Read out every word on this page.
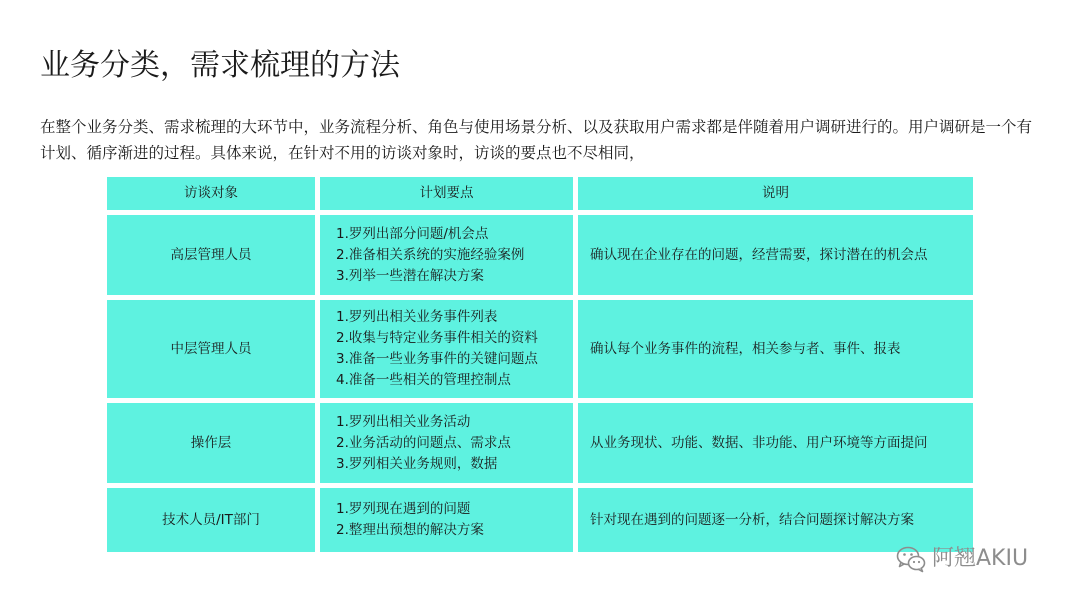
业务分类，需求梳理的方法

在整个业务分类、需求梳理的大环节中，业务流程分析、角色与使用场景分析、以及获取用户需求都是伴随着用户调研进行的。用户调研是一个有计划、循序渐进的过程。具体来说，在针对不用的访谈对象时，访谈的要点也不尽相同，

访谈对象	计划要点	说明
高层管理人员
1.罗列出部分问题/机会点
2.准备相关系统的实施经验案例
3.列举一些潜在解决方案
确认现在企业存在的问题，经营需要，探讨潜在的机会点
中层管理人员
1.罗列出相关业务事件列表
2.收集与特定业务事件相关的资料
3.准备一些业务事件的关键问题点
4.准备一些相关的管理控制点
确认每个业务事件的流程，相关参与者、事件、报表
操作层
1.罗列出相关业务活动
2.业务活动的问题点、需求点
3.罗列相关业务规则，数据
从业务现状、功能、数据、非功能、用户环境等方面提问
技术人员/IT部门
1.罗列现在遇到的问题
2.整理出预想的解决方案
针对现在遇到的问题逐一分析，结合问题探讨解决方案
阿翘AKIU
